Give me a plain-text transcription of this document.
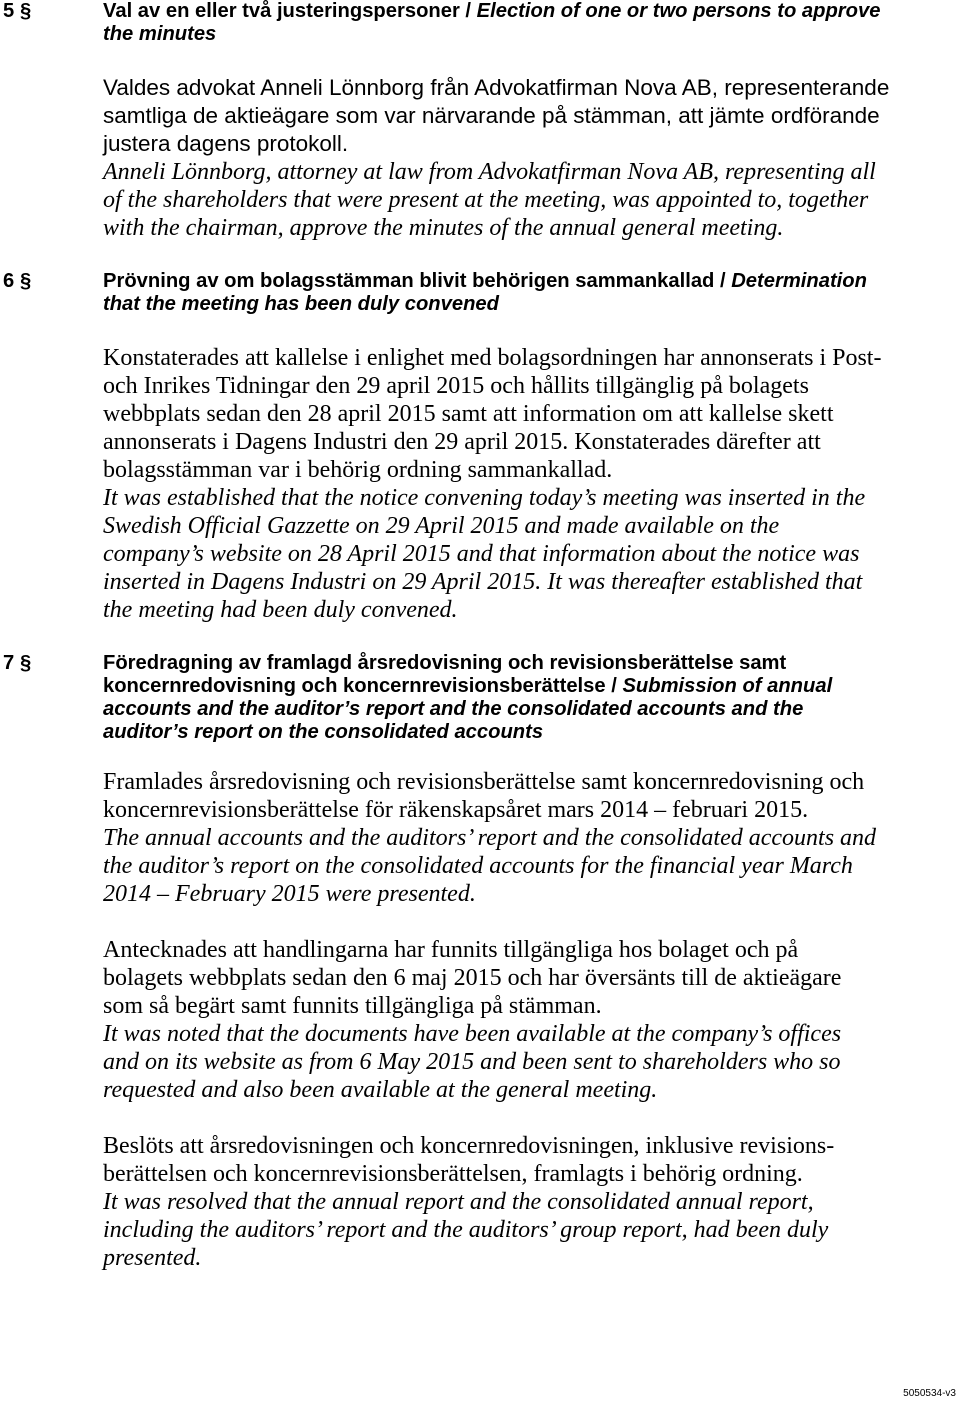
5 §	Val av en eller två justeringspersoner / Election of one or two persons to approve
the minutes
Valdes advokat Anneli Lönnborg från Advokatfirman Nova AB, representerande
samtliga de aktieägare som var närvarande på stämman, att jämte ordförande
justera dagens protokoll.
Anneli Lönnborg, attorney at law from Advokatfirman Nova AB, representing all
of the shareholders that were present at the meeting, was appointed to, together
with the chairman, approve the minutes of the annual general meeting.
6 §	Prövning av om bolagsstämman blivit behörigen sammankallad / Determination
that the meeting has been duly convened
Konstaterades att kallelse i enlighet med bolagsordningen har annonserats i Post-
och Inrikes Tidningar den 29 april 2015 och hållits tillgänglig på bolagets
webbplats sedan den 28 april 2015 samt att information om att kallelse skett
annonserats i Dagens Industri den 29 april 2015. Konstaterades därefter att
bolagsstämman var i behörig ordning sammankallad.
It was established that the notice convening today’s meeting was inserted in the
Swedish Official Gazzette on 29 April 2015 and made available on the
company’s website on 28 April 2015 and that information about the notice was
inserted in Dagens Industri on 29 April 2015. It was thereafter established that
the meeting had been duly convened.
7 §	Föredragning av framlagd årsredovisning och revisionsberättelse samt
koncernredovisning och koncernrevisionsberättelse / Submission of annual
accounts and the auditor’s report and the consolidated accounts and the
auditor’s report on the consolidated accounts
Framlades årsredovisning och revisionsberättelse samt koncernredovisning och
koncernrevisionsberättelse för räkenskapsåret mars 2014 – februari 2015.
The annual accounts and the auditors’ report and the consolidated accounts and
the auditor’s report on the consolidated accounts for the financial year March
2014 – February 2015 were presented.
Antecknades att handlingarna har funnits tillgängliga hos bolaget och på
bolagets webbplats sedan den 6 maj 2015 och har översänts till de aktieägare
som så begärt samt funnits tillgängliga på stämman.
It was noted that the documents have been available at the company’s offices
and on its website as from 6 May 2015 and been sent to shareholders who so
requested and also been available at the general meeting.
Beslöts att årsredovisningen och koncernredovisningen, inklusive revisions-
berättelsen och koncernrevisionsberättelsen, framlagts i behörig ordning.
It was resolved that the annual report and the consolidated annual report,
including the auditors’ report and the auditors’ group report, had been duly
presented.
5050534-v3
